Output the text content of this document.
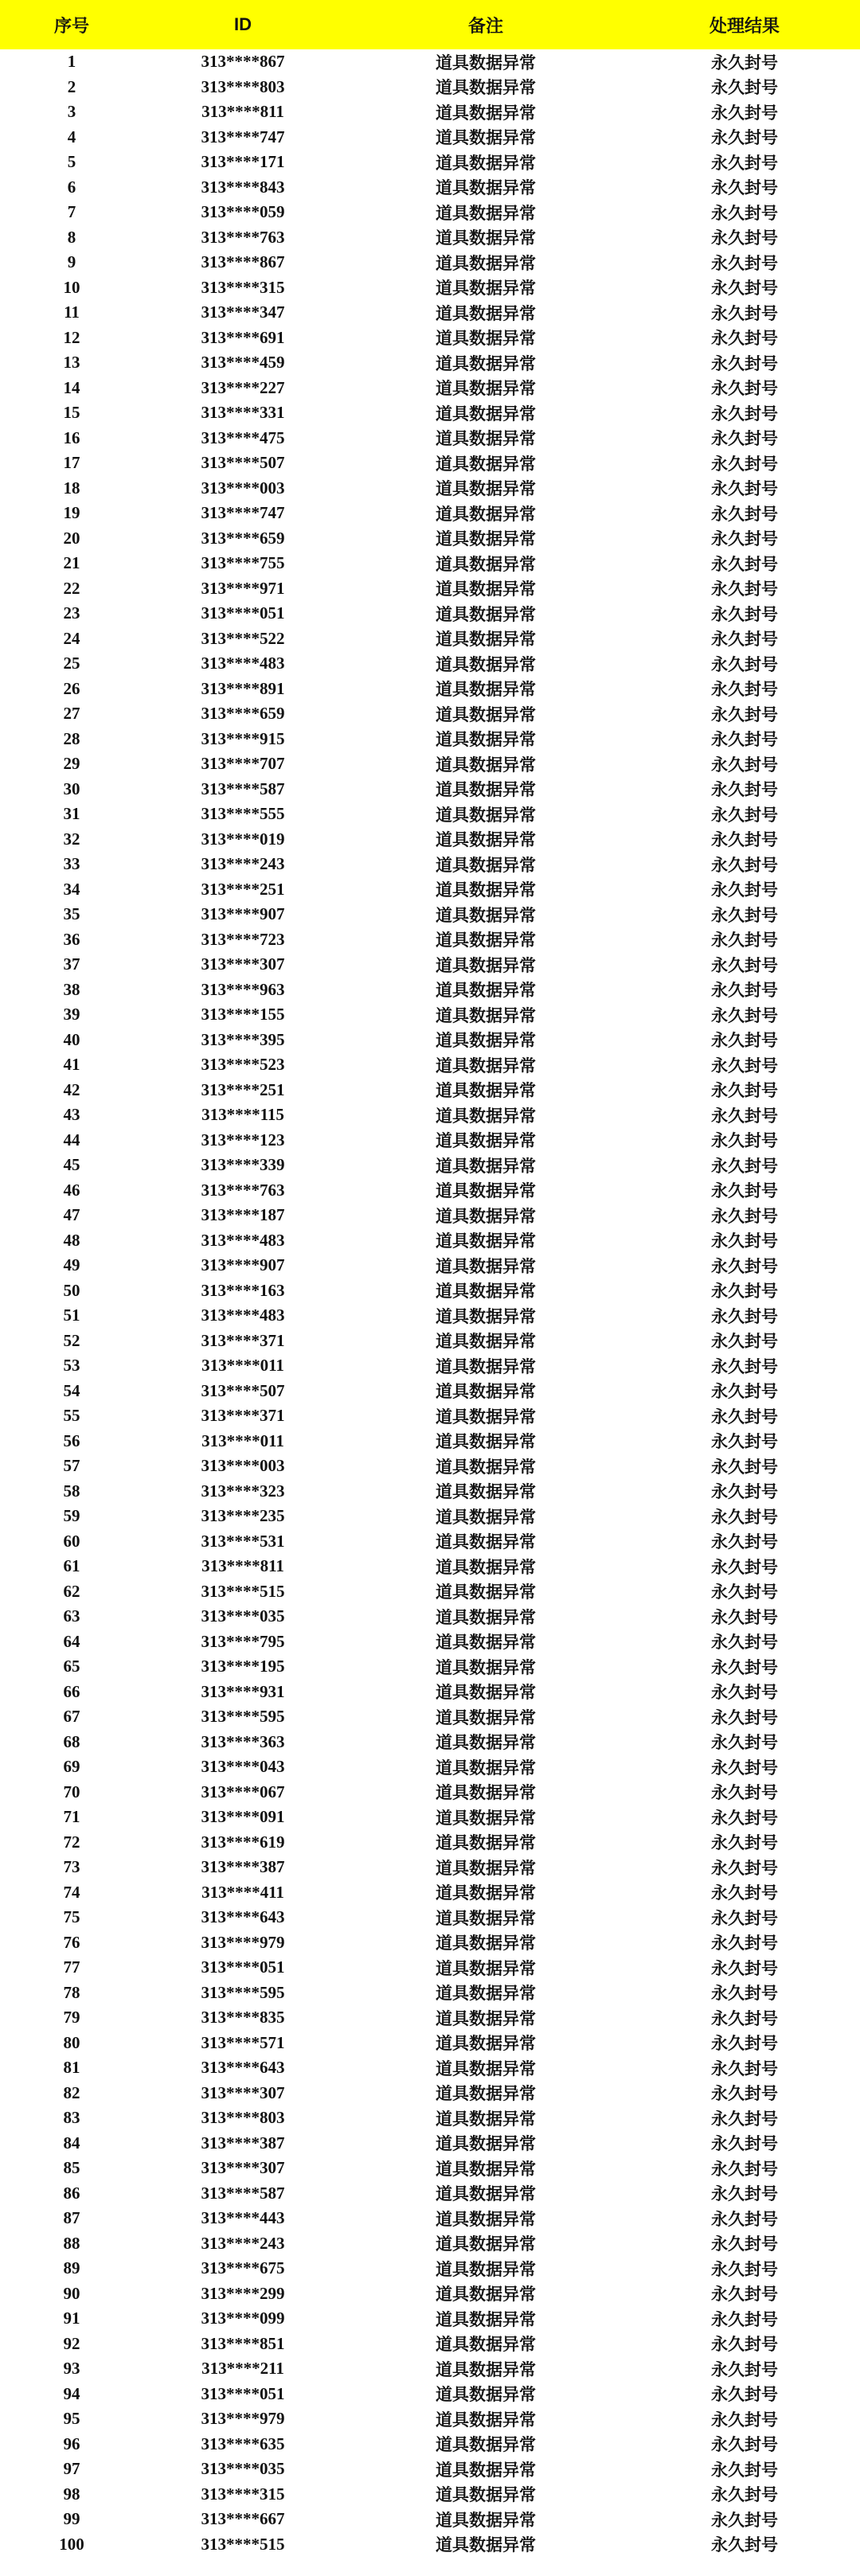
序号	ID	备注	处理结果
1	313****867	道具数据异常	永久封号
2	313****803	道具数据异常	永久封号
3	313****811	道具数据异常	永久封号
4	313****747	道具数据异常	永久封号
5	313****171	道具数据异常	永久封号
6	313****843	道具数据异常	永久封号
7	313****059	道具数据异常	永久封号
8	313****763	道具数据异常	永久封号
9	313****867	道具数据异常	永久封号
10	313****315	道具数据异常	永久封号
11	313****347	道具数据异常	永久封号
12	313****691	道具数据异常	永久封号
13	313****459	道具数据异常	永久封号
14	313****227	道具数据异常	永久封号
15	313****331	道具数据异常	永久封号
16	313****475	道具数据异常	永久封号
17	313****507	道具数据异常	永久封号
18	313****003	道具数据异常	永久封号
19	313****747	道具数据异常	永久封号
20	313****659	道具数据异常	永久封号
21	313****755	道具数据异常	永久封号
22	313****971	道具数据异常	永久封号
23	313****051	道具数据异常	永久封号
24	313****522	道具数据异常	永久封号
25	313****483	道具数据异常	永久封号
26	313****891	道具数据异常	永久封号
27	313****659	道具数据异常	永久封号
28	313****915	道具数据异常	永久封号
29	313****707	道具数据异常	永久封号
30	313****587	道具数据异常	永久封号
31	313****555	道具数据异常	永久封号
32	313****019	道具数据异常	永久封号
33	313****243	道具数据异常	永久封号
34	313****251	道具数据异常	永久封号
35	313****907	道具数据异常	永久封号
36	313****723	道具数据异常	永久封号
37	313****307	道具数据异常	永久封号
38	313****963	道具数据异常	永久封号
39	313****155	道具数据异常	永久封号
40	313****395	道具数据异常	永久封号
41	313****523	道具数据异常	永久封号
42	313****251	道具数据异常	永久封号
43	313****115	道具数据异常	永久封号
44	313****123	道具数据异常	永久封号
45	313****339	道具数据异常	永久封号
46	313****763	道具数据异常	永久封号
47	313****187	道具数据异常	永久封号
48	313****483	道具数据异常	永久封号
49	313****907	道具数据异常	永久封号
50	313****163	道具数据异常	永久封号
51	313****483	道具数据异常	永久封号
52	313****371	道具数据异常	永久封号
53	313****011	道具数据异常	永久封号
54	313****507	道具数据异常	永久封号
55	313****371	道具数据异常	永久封号
56	313****011	道具数据异常	永久封号
57	313****003	道具数据异常	永久封号
58	313****323	道具数据异常	永久封号
59	313****235	道具数据异常	永久封号
60	313****531	道具数据异常	永久封号
61	313****811	道具数据异常	永久封号
62	313****515	道具数据异常	永久封号
63	313****035	道具数据异常	永久封号
64	313****795	道具数据异常	永久封号
65	313****195	道具数据异常	永久封号
66	313****931	道具数据异常	永久封号
67	313****595	道具数据异常	永久封号
68	313****363	道具数据异常	永久封号
69	313****043	道具数据异常	永久封号
70	313****067	道具数据异常	永久封号
71	313****091	道具数据异常	永久封号
72	313****619	道具数据异常	永久封号
73	313****387	道具数据异常	永久封号
74	313****411	道具数据异常	永久封号
75	313****643	道具数据异常	永久封号
76	313****979	道具数据异常	永久封号
77	313****051	道具数据异常	永久封号
78	313****595	道具数据异常	永久封号
79	313****835	道具数据异常	永久封号
80	313****571	道具数据异常	永久封号
81	313****643	道具数据异常	永久封号
82	313****307	道具数据异常	永久封号
83	313****803	道具数据异常	永久封号
84	313****387	道具数据异常	永久封号
85	313****307	道具数据异常	永久封号
86	313****587	道具数据异常	永久封号
87	313****443	道具数据异常	永久封号
88	313****243	道具数据异常	永久封号
89	313****675	道具数据异常	永久封号
90	313****299	道具数据异常	永久封号
91	313****099	道具数据异常	永久封号
92	313****851	道具数据异常	永久封号
93	313****211	道具数据异常	永久封号
94	313****051	道具数据异常	永久封号
95	313****979	道具数据异常	永久封号
96	313****635	道具数据异常	永久封号
97	313****035	道具数据异常	永久封号
98	313****315	道具数据异常	永久封号
99	313****667	道具数据异常	永久封号
100	313****515	道具数据异常	永久封号
